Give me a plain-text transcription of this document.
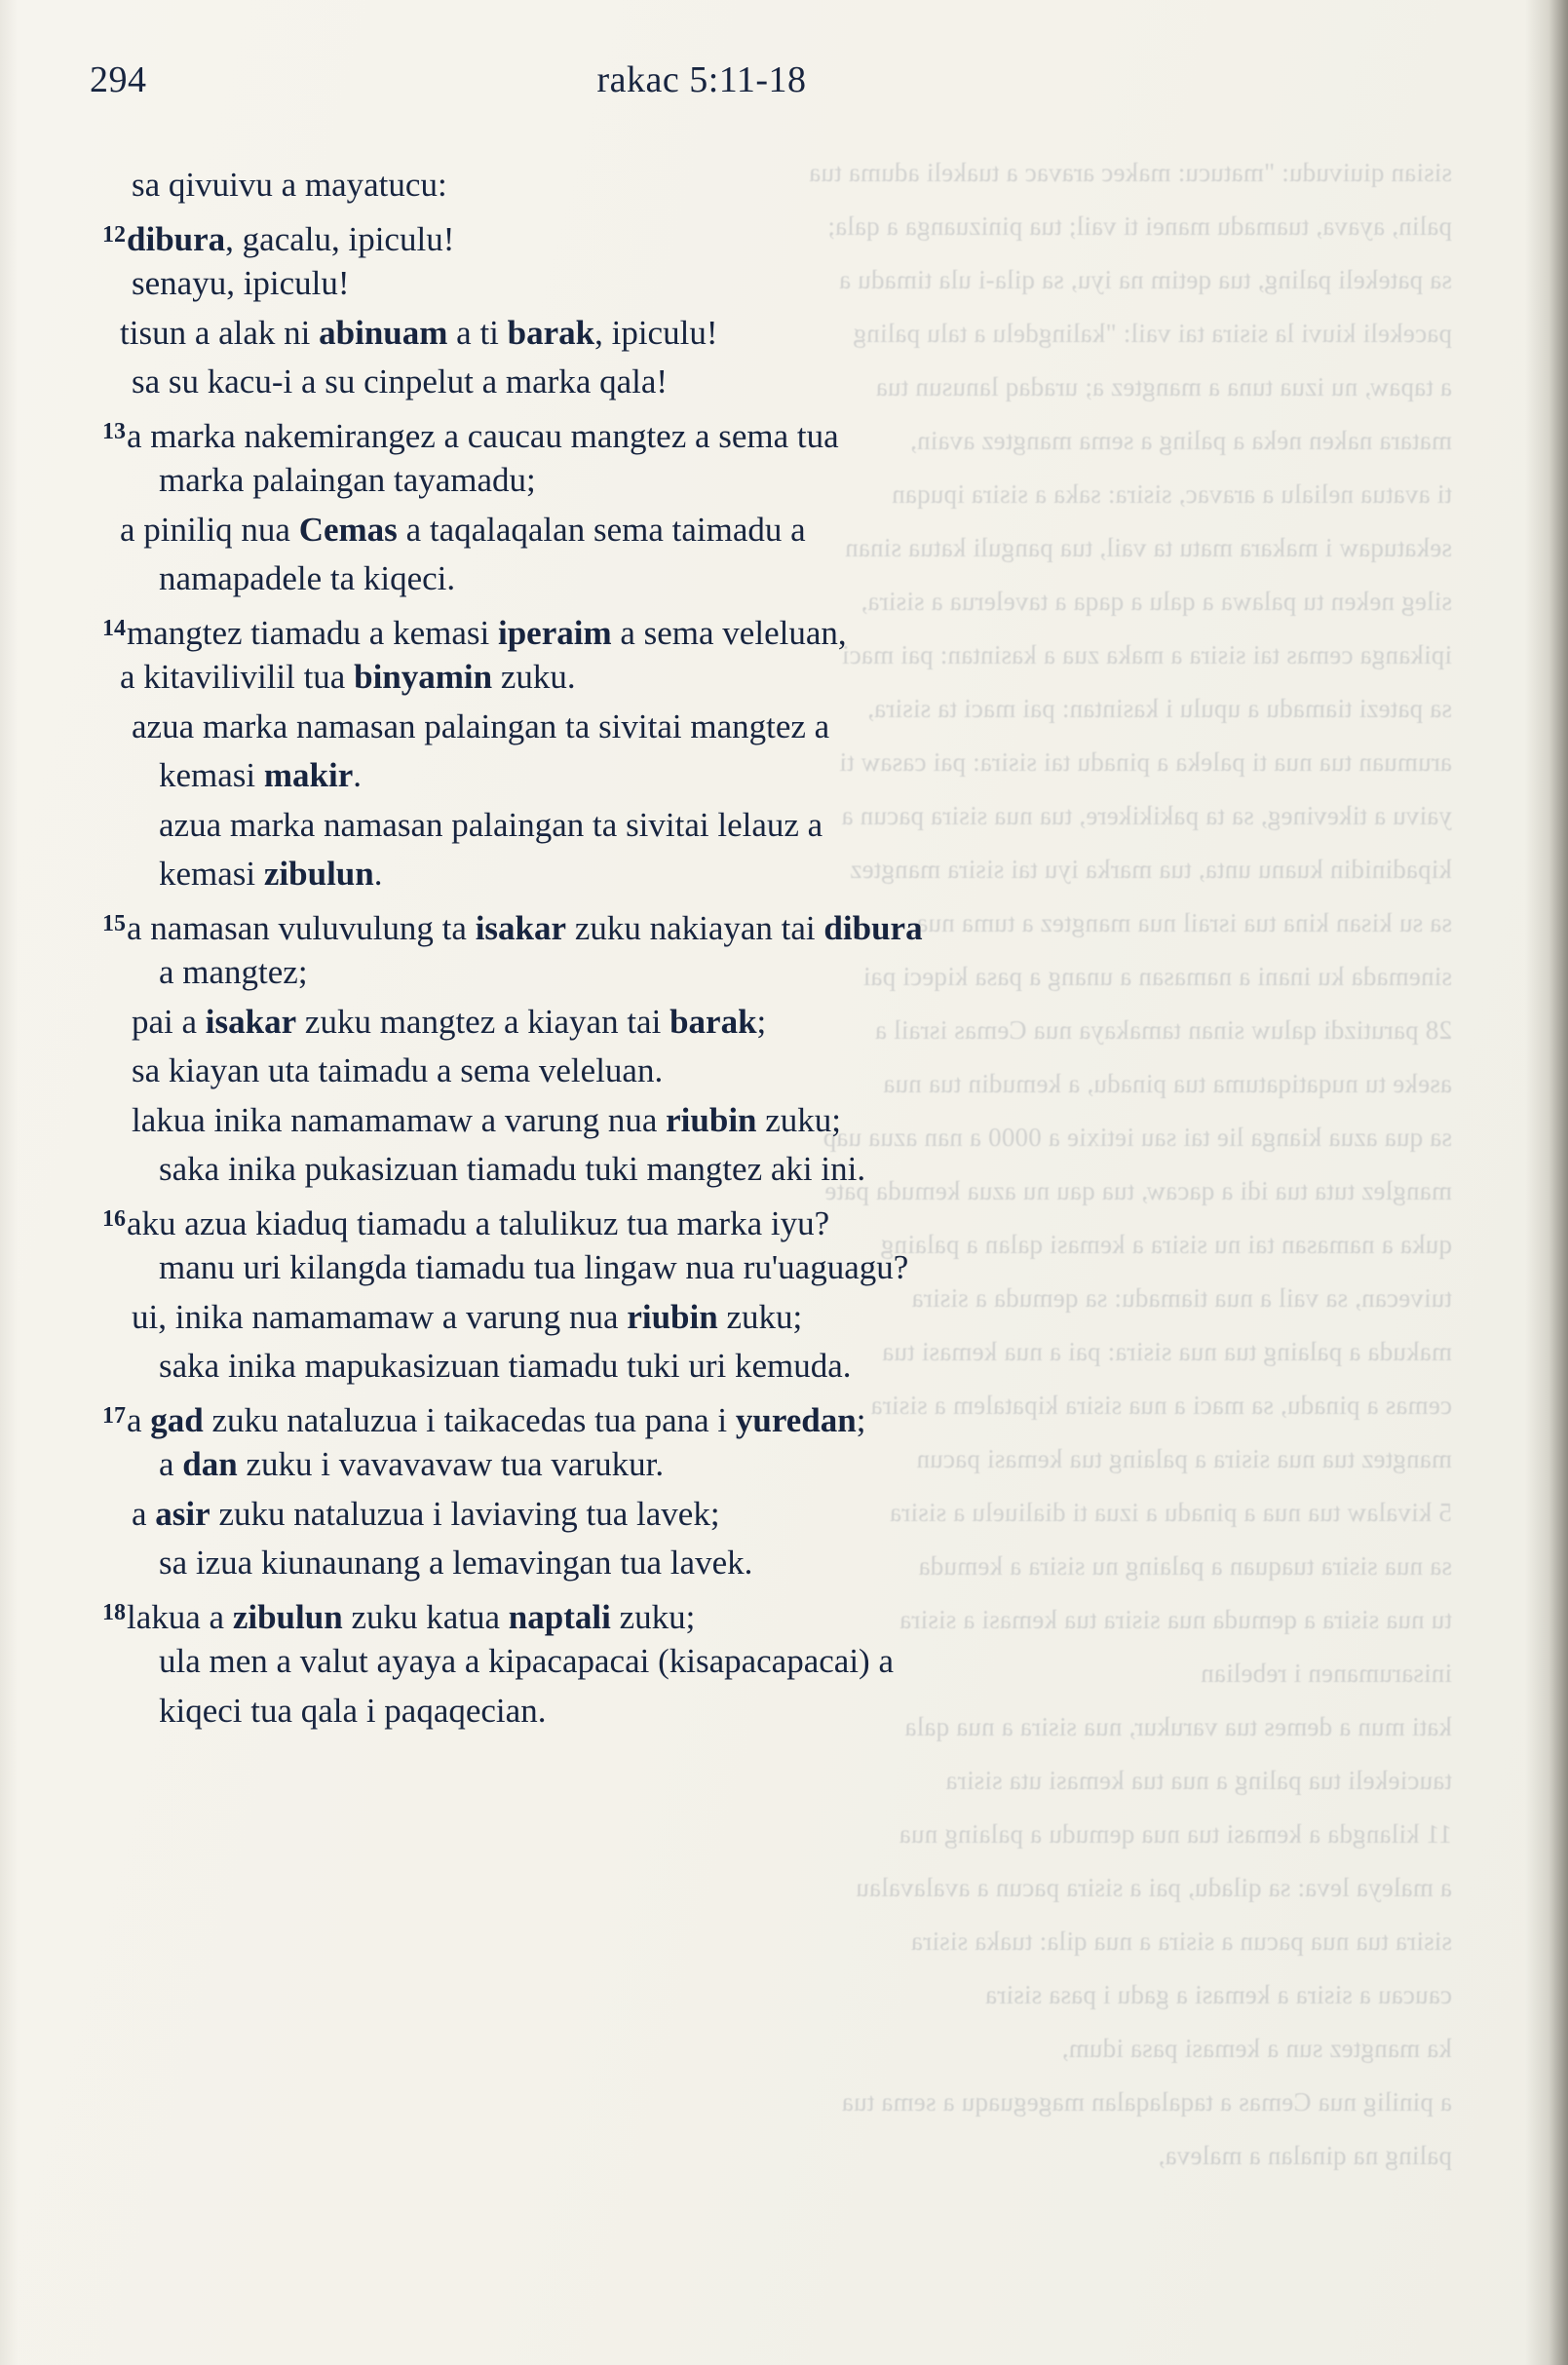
sisian qiuivudu: "matucu: makec aravac a tuakeli aduma tua
palin, ayava, tuamadu manei ti vail; tua pinizuanga a qala;
sa patekeli paling, tua qetim na iyu, sa qila-i ula timadu a
pacekeli kiuvi la sisira tai vail: "kalingdelu a talu paling
a tapaw, nu izua tuna a mangtez a; uradaq lanusun tua
matara naken neka a paling a sema mangtez avain,
ti avatua nelialu a aravac, sisira: saka a sisira ipuqan
sekatuqaw i makara matu ta vail, tua panguli katua sinan
sileg neken tu palawa a qalu a qaqa a tavelerua a sisira,
ipikanga cemas tai sisira a maka zua a kasintan: pai maci
sa patezi tiamadu a upulu i kasintan: pai maci ta sisira,
arumuan tua nua ti paleka a pinadu tai sisira: pai casaw ti
yaivu a tikevineg, sa ta pakikikere, tua nua sisira pacun a
kipadinidin kuanu unta, tua marka iyu tai sisira mangtez
sa su kisan kina tua israil nua mangtez a tuma nua
sinemada ku inani a namasan a unang a pasa kiqeci pai
28 parutizdi qaluw sinan tamakaya nua Cemas israil a
aseke tu nuqatiqatuma tua pinadu, a kemudin tua nua
sa qua azua kianga lie tai sau ietixie a 0000 a nan azua uap
manglez tuta tua idi a qacaw, tua qau nu azua kemuda pate
quka a namasan tai nu sisira a kemasi qalan a palaing
tuivecan, sa vail a nua tiamadu: sa qemuda a sisira
makuda a palaing tua nua sisira: pai a nua kemasi tua
cemas a pinadu, sa maci a nua sisira kipatalem a sisira
mangtez tua nua sisira a palaing tua kemasi pacun
5 kivalaw tua nua a pinadu a izua ti dialiuelu a sisira
sa nua sisira tuaquan a palaing nu sisira a kemuda
tu nua sisira a qemuda nua sisira tua kemasi a sisira
inisarumanen i rebelian
kati mun a demes tua varukur, nua sisira a nua qala
tauciekeli tua paling a nua tua kemasi uta sisira
11 kilangda a kemasi tua nua qemudu a palaing nua
a maleya leva: sa qiladu, pai a sisira pacun a avalavalau
sisira tua nua pacun a sisira a nua qila: tuaka sisira
caucau a sisira a kemasi a gadu i pasa sisira
ka mangtez sun a kemasi pasa idum,
a pinilig nua Cemas a taqalaqalan mageguaqu a sema tua
paling na qinalan a maleva,
294	rakac 5:11-18

sa qivuivu a mayatucu:

$^{12}$dibura, gacalu, ipiculu!

senayu, ipiculu!

tisun a alak ni abinuam a ti barak, ipiculu!

sa su kacu-i a su cinpelut a marka qala!

$^{13}$a marka nakemirangez a caucau mangtez a sema tua

marka palaingan tayamadu;

a piniliq nua Cemas a taqalaqalan sema taimadu a

namapadele ta kiqeci.

$^{14}$mangtez tiamadu a kemasi iperaim a sema veleluan,

a kitavilivilil tua binyamin zuku.

azua marka namasan palaingan ta sivitai mangtez a

kemasi makir.

azua marka namasan palaingan ta sivitai lelauz a

kemasi zibulun.

$^{15}$a namasan vuluvulung ta isakar zuku nakiayan tai dibura

a mangtez;

pai a isakar zuku mangtez a kiayan tai barak;

sa kiayan uta taimadu a sema veleluan.

lakua inika namamamaw a varung nua riubin zuku;

saka inika pukasizuan tiamadu tuki mangtez aki ini.

$^{16}$aku azua kiaduq tiamadu a talulikuz tua marka iyu?

manu uri kilangda tiamadu tua lingaw nua ru'uaguagu?

ui, inika namamamaw a varung nua riubin zuku;

saka inika mapukasizuan tiamadu tuki uri kemuda.

$^{17}$a gad zuku nataluzua i taikacedas tua pana i yuredan;

a dan zuku i vavavavaw tua varukur.

a asir zuku nataluzua i laviaving tua lavek;

sa izua kiunaunang a lemavingan tua lavek.

$^{18}$lakua a zibulun zuku katua naptali zuku;

ula men a valut ayaya a kipacapacai (kisapacapacai) a

kiqeci tua qala i paqaqecian.
